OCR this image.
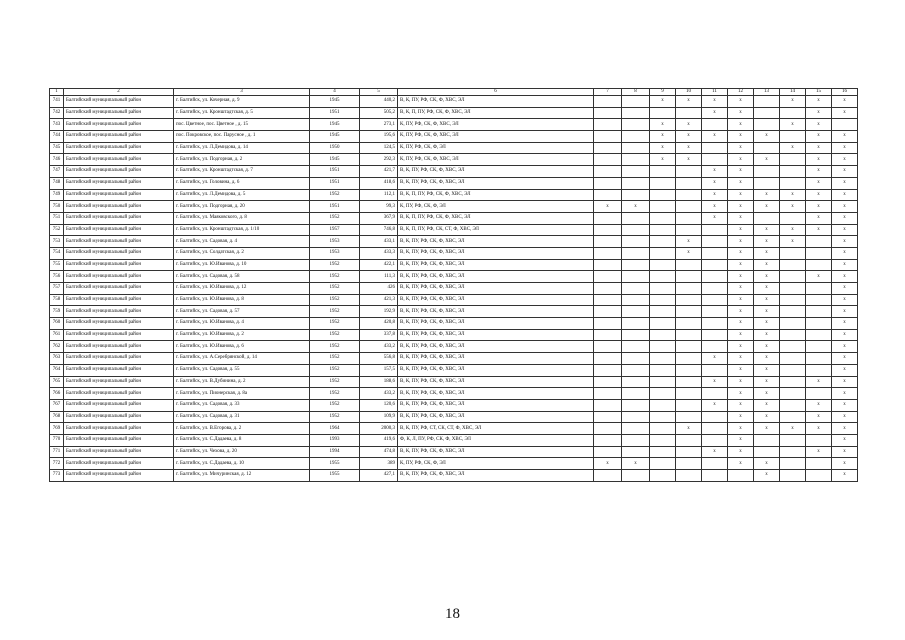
1	2	3	4	5	6	7	8	9	10	11	12	13	14	15	16
741	Балтийский муниципальный район	г. Балтийск, ул. Кочерная, д. 9	1945	440,2	В, К, ПУ, РФ, СК, Ф, ХВС, ЭЛ			x	x	x	x		x	x	x
742	Балтийский муниципальный район	г. Балтийск, ул. Кронштадтская, д. 5	1951	505,2	В, К, П, ПУ, РФ, СК, Ф, ХВС, ЭЛ					x	x			x	x
743	Балтийский муниципальный район	пос. Цветное, пос. Цветное , д. 15	1945	273,1	К, ПУ, РФ, СК, Ф, ХВС, ЭЛ			x	x		x		x	x	
744	Балтийский муниципальный район	пос. Покровское, пос. Парусное , д. 1	1945	195,6	К, ПУ, РФ, СК, Ф, ХВС, ЭЛ			x	x	x	x	x		x	x
745	Балтийский муниципальный район	г. Балтийск, ул. Л.Демидова, д. 14	1950	124,5	К, ПУ, РФ, СК, Ф, ЭЛ			x	x		x		x	x	x
746	Балтийский муниципальный район	г. Балтийск, ул. Подгорная, д. 2	1945	292,3	К, ПУ, РФ, СК, Ф, ХВС, ЭЛ			x	x		x	x		x	x
747	Балтийский муниципальный район	г. Балтийск, ул. Кронштадтская, д. 7	1951	421,7	В, К, ПУ, РФ, СК, Ф, ХВС, ЭЛ					x	x			x	x
748	Балтийский муниципальный район	г. Балтийск, ул. Головина, д. 6	1951	418,6	В, К, ПУ, РФ, СК, Ф, ХВС, ЭЛ					x	x			x	x
749	Балтийский муниципальный район	г. Балтийск, ул. Л.Демидова, д. 5	1952	112,1	В, К, П, ПУ, РФ, СК, Ф, ХВС, ЭЛ					x	x	x	x	x	x
750	Балтийский муниципальный район	г. Балтийск, ул. Подгорная, д. 20	1951	99,3	К, ПУ, РФ, СК, Ф, ЭЛ	x	x			x	x	x	x	x	x
751	Балтийский муниципальный район	г. Балтийск, ул. Маяковского, д. 8	1952	367,9	В, К, П, ПУ, РФ, СК, Ф, ХВС, ЭЛ					x	x			x	x
752	Балтийский муниципальный район	г. Балтийск, ул. Кронштадтская, д. 1/10	1957	746,8	В, К, П, ПУ, РФ, СК, СТ, Ф, ХВС, ЭЛ						x	x	x	x	x
753	Балтийский муниципальный район	г. Балтийск, ул. Садовая, д. 4	1953	433,1	В, К, ПУ, РФ, СК, Ф, ХВС, ЭЛ				x		x	x	x		x
754	Балтийский муниципальный район	г. Балтийск, ул. Солдатская, д. 2	1953	433,3	В, К, ПУ, РФ, СК, Ф, ХВС, ЭЛ				x		x	x			x
755	Балтийский муниципальный район	г. Балтийск, ул. Ю.Иванова, д. 10	1952	422,1	В, К, ПУ, РФ, СК, Ф, ХВС, ЭЛ						x	x			x
756	Балтийский муниципальный район	г. Балтийск, ул. Садовая, д. 58	1952	111,3	В, К, ПУ, РФ, СК, Ф, ХВС, ЭЛ						x	x		x	x
757	Балтийский муниципальный район	г. Балтийск, ул. Ю.Иванова, д. 12	1952	426	В, К, ПУ, РФ, СК, Ф, ХВС, ЭЛ						x	x			x
758	Балтийский муниципальный район	г. Балтийск, ул. Ю.Иванова, д. 8	1952	421,3	В, К, ПУ, РФ, СК, Ф, ХВС, ЭЛ						x	x			x
759	Балтийский муниципальный район	г. Балтийск, ул. Садовая, д. 57	1952	192,9	В, К, ПУ, РФ, СК, Ф, ХВС, ЭЛ						x	x			x
760	Балтийский муниципальный район	г. Балтийск, ул. Ю.Иванова, д. 4	1952	420,8	В, К, ПУ, РФ, СК, Ф, ХВС, ЭЛ						x	x			x
761	Балтийский муниципальный район	г. Балтийск, ул. Ю.Иванова, д. 2	1952	337,8	В, К, ПУ, РФ, СК, Ф, ХВС, ЭЛ						x	x			x
762	Балтийский муниципальный район	г. Балтийск, ул. Ю.Иванова, д. 6	1952	433,2	В, К, ПУ, РФ, СК, Ф, ХВС, ЭЛ						x	x			x
763	Балтийский муниципальный район	г. Балтийск, ул. А.Серебрянской, д. 14	1952	556,8	В, К, ПУ, РФ, СК, Ф, ХВС, ЭЛ					x	x	x			x
764	Балтийский муниципальный район	г. Балтийск, ул. Садовая, д. 55	1952	157,5	В, К, ПУ, РФ, СК, Ф, ХВС, ЭЛ						x	x			x
765	Балтийский муниципальный район	г. Балтийск, ул. В.Дубинина, д. 2	1952	188,6	В, К, ПУ, РФ, СК, Ф, ХВС, ЭЛ					x	x	x		x	x
766	Балтийский муниципальный район	г. Балтийск, ул. Пионерская, д. 8а	1952	433,2	В, К, ПУ, РФ, СК, Ф, ХВС, ЭЛ						x	x			x
767	Балтийский муниципальный район	г. Балтийск, ул. Садовая, д. 33	1952	120,6	В, К, ПУ, РФ, СК, Ф, ХВС, ЭЛ					x	x	x		x	x
768	Балтийский муниципальный район	г. Балтийск, ул. Садовая, д. 31	1952	109,9	В, К, ПУ, РФ, СК, Ф, ХВС, ЭЛ						x	x		x	x
769	Балтийский муниципальный район	г. Балтийск, ул. В.Егорова, д. 2	1964	2000,3	В, К, ПУ, РФ, СТ, СК, СТ, Ф, ХВС, ЭЛ				x		x	x	x	x	x
770	Балтийский муниципальный район	г. Балтийск, ул. С.Дадаева, д. 8	1993	419,6	Ф, К, Л, ПУ, РФ, СК, Ф, ХВС, ЭЛ						x				x
771	Балтийский муниципальный район	г. Балтийск, ул. Чехова, д. 20	1994	474,8	В, К, ПУ, РФ, СК, Ф, ХВС, ЭЛ					x	x			x	x
772	Балтийский муниципальный район	г. Балтийск, ул. С.Дадаева, д. 10	1955	389	К, ПУ, РФ, СК, Ф, ЭЛ	x	x				x	x			x
773	Балтийский муниципальный район	г. Балтийск, ул. Мичуринская, д. 12	1955	427,1	В, К, ПУ, РФ, СК, Ф, ХВС, ЭЛ							x			x
18
